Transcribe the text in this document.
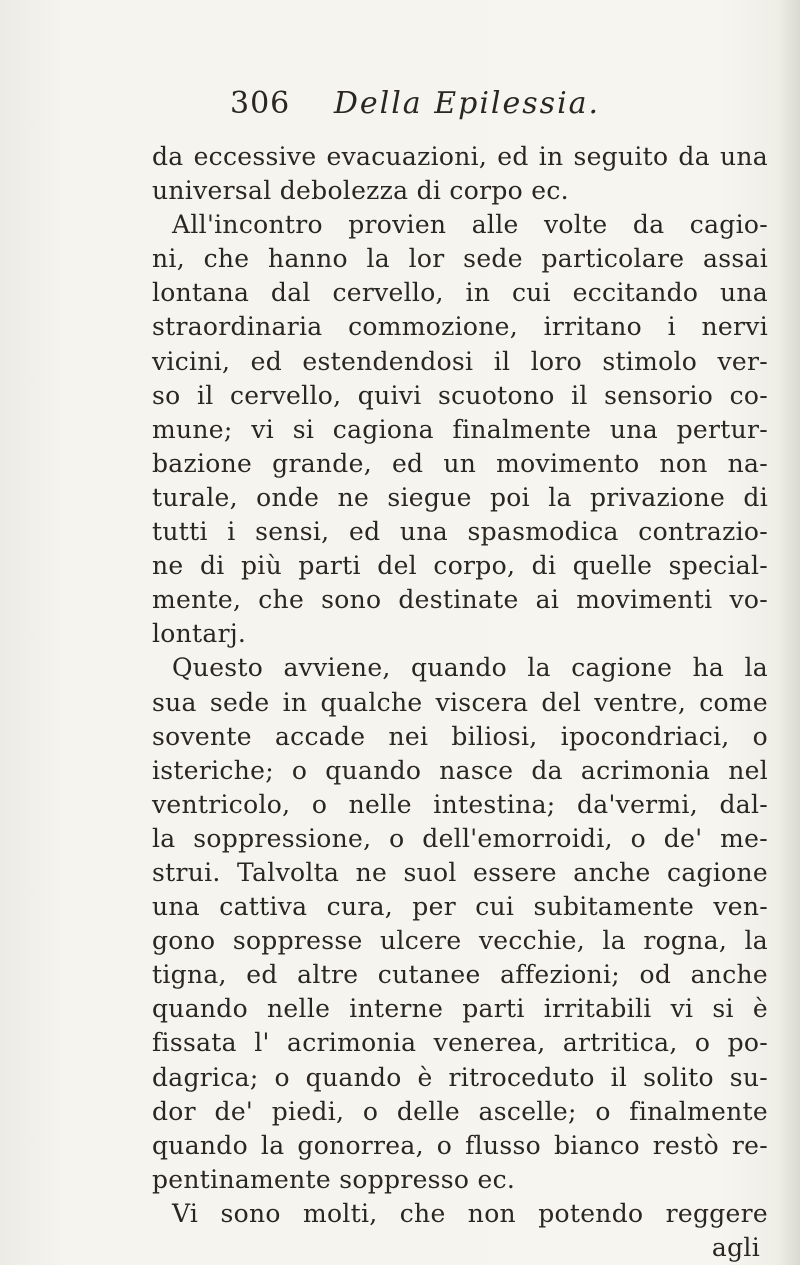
306 Della Epilessia.
da eccessive evacuazioni, ed in seguito da una
universal debolezza di corpo ec.
All'incontro provien alle volte da cagio-
ni, che hanno la lor sede particolare assai
lontana dal cervello, in cui eccitando una
straordinaria commozione, irritano i nervi
vicini, ed estendendosi il loro stimolo ver-
so il cervello, quivi scuotono il sensorio co-
mune; vi si cagiona finalmente una pertur-
bazione grande, ed un movimento non na-
turale, onde ne siegue poi la privazione di
tutti i sensi, ed una spasmodica contrazio-
ne di più parti del corpo, di quelle special-
mente, che sono destinate ai movimenti vo-
lontarj.
Questo avviene, quando la cagione ha la
sua sede in qualche viscera del ventre, come
sovente accade nei biliosi, ipocondriaci, o
isteriche; o quando nasce da acrimonia nel
ventricolo, o nelle intestina; da'vermi, dal-
la soppressione, o dell'emorroidi, o de' me-
strui. Talvolta ne suol essere anche cagione
una cattiva cura, per cui subitamente ven-
gono soppresse ulcere vecchie, la rogna, la
tigna, ed altre cutanee affezioni; od anche
quando nelle interne parti irritabili vi si è
fissata l' acrimonia venerea, artritica, o po-
dagrica; o quando è ritroceduto il solito su-
dor de' piedi, o delle ascelle; o finalmente
quando la gonorrea, o flusso bianco restò re-
pentinamente soppresso ec.
Vi sono molti, che non potendo reggere
agli
